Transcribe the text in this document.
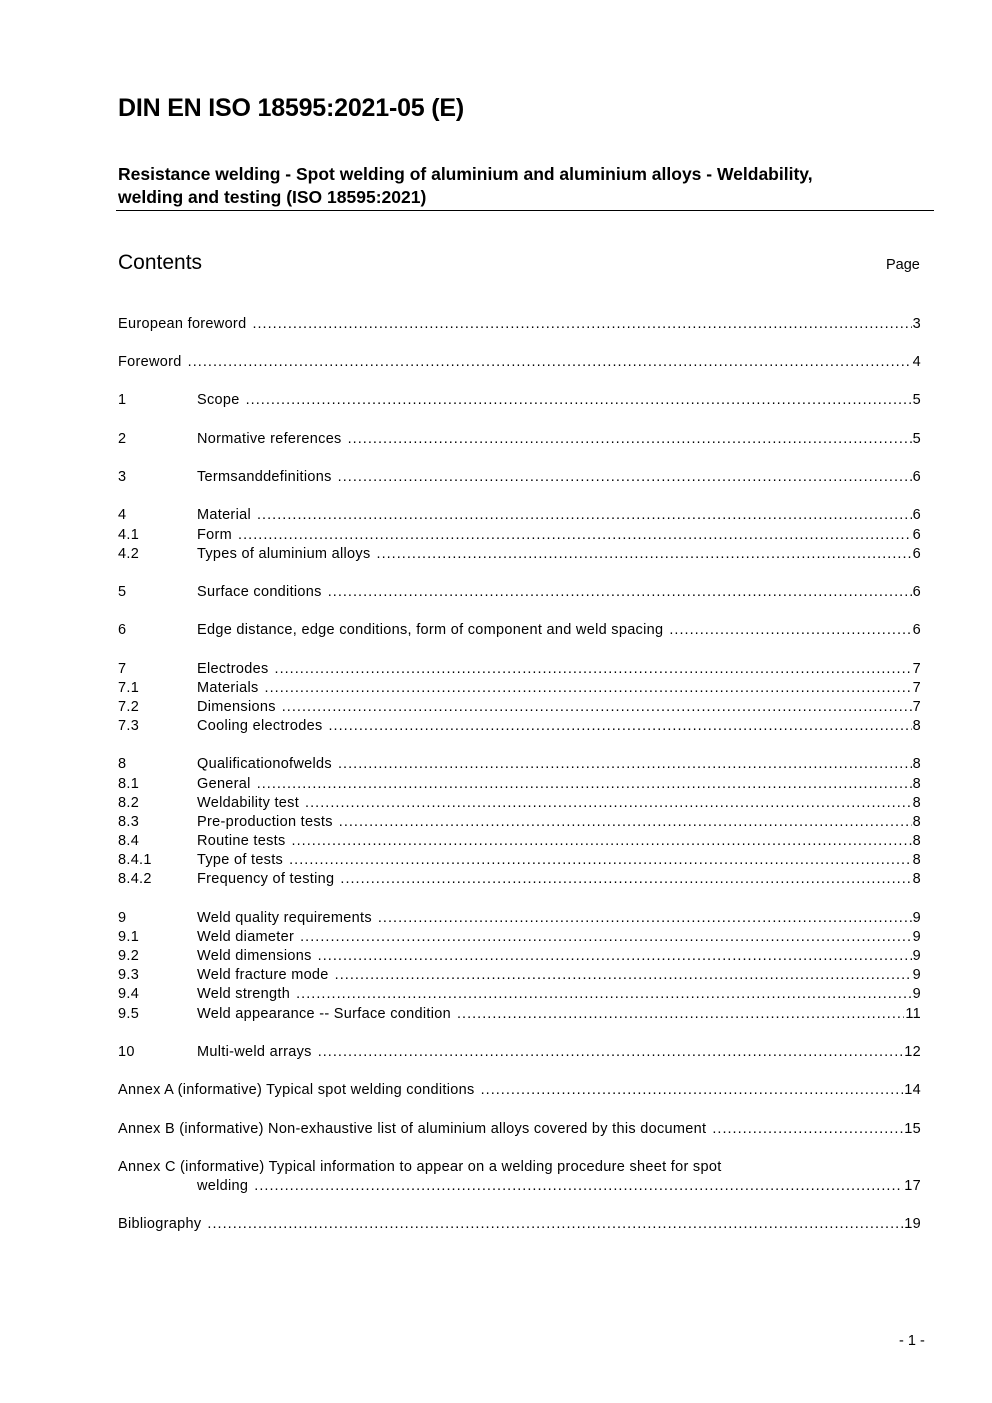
DIN EN ISO 18595:2021-05 (E)
Resistance welding - Spot welding of aluminium and aluminium alloys - Weldability,
welding and testing (ISO 18595:2021)
Contents	Page
European foreword . . .	3
Foreword . . .	4
1	Scope . . .	5
2	Normative references . . .	5
3	Termsanddefinitions . . .	6
4	Material . . .	6
4.1	Form . . .	6
4.2	Types of aluminium alloys . . .	6
5	Surface conditions . . .	6
6	Edge distance, edge conditions, form of component and weld spacing . . .	6
7	Electrodes . . .	7
7.1	Materials . . .	7
7.2	Dimensions . . .	7
7.3	Cooling electrodes . . .	8
8	Qualificationofwelds . . .	8
8.1	General . . .	8
8.2	Weldability test . . .	8
8.3	Pre-production tests . . .	8
8.4	Routine tests . . .	8
8.4.1	Type of tests . . .	8
8.4.2	Frequency of testing . . .	8
9	Weld quality requirements . . .	9
9.1	Weld diameter . . .	9
9.2	Weld dimensions . . .	9
9.3	Weld fracture mode . . .	9
9.4	Weld strength . . .	9
9.5	Weld appearance -- Surface condition . . .	11
10	Multi-weld arrays . . .	12
Annex A (informative) Typical spot welding conditions . . .	14
Annex B (informative) Non-exhaustive list of aluminium alloys covered by this document . . .	15
Annex C (informative) Typical information to appear on a welding procedure sheet for spot
welding . . .	17
Bibliography . . .	19
- 1 -
